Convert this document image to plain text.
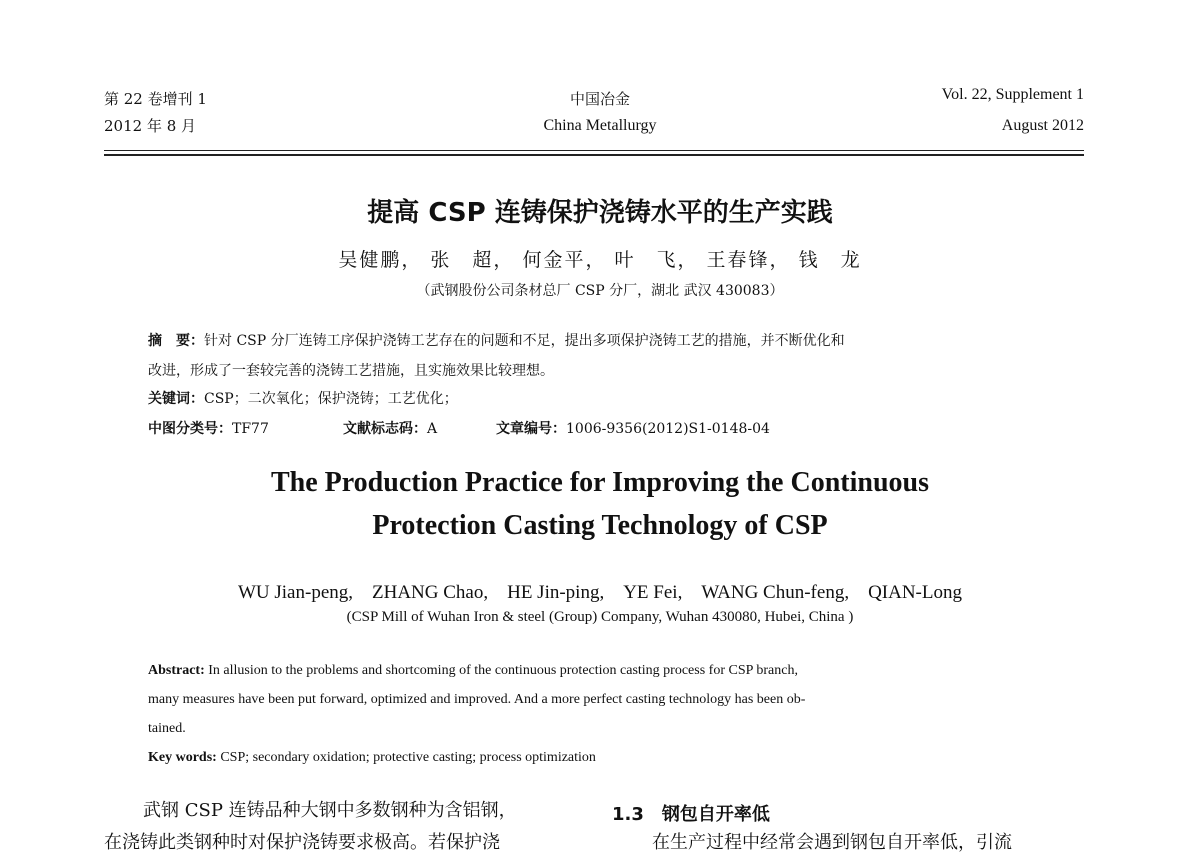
第 22 卷增刊 1
2012 年 8 月
中国冶金
China Metallurgy
Vol. 22, Supplement 1
August 2012
提高 CSP 连铸保护浇铸水平的生产实践
吴健鹏， 张　超， 何金平， 叶　飞， 王春锋， 钱　龙
（武钢股份公司条材总厂 CSP 分厂，湖北 武汉 430083）
摘　要：针对 CSP 分厂连铸工序保护浇铸工艺存在的问题和不足，提出多项保护浇铸工艺的措施，并不断优化和
改进，形成了一套较完善的浇铸工艺措施，且实施效果比较理想。
关键词：CSP；二次氧化；保护浇铸；工艺优化；
中图分类号：TF77	文献标志码：A	文章编号：1006-9356(2012)S1-0148-04
The Production Practice for Improving the Continuous
Protection Casting Technology of CSP
WU Jian-peng,　ZHANG Chao,　HE Jin-ping,　YE Fei,　WANG Chun-feng,　QIAN-Long
(CSP Mill of Wuhan Iron & steel (Group) Company, Wuhan 430080, Hubei, China )
Abstract: In allusion to the problems and shortcoming of the continuous protection casting process for CSP branch,
many measures have been put forward, optimized and improved. And a more perfect casting technology has been ob-
tained.
Key words: CSP; secondary oxidation; protective casting; process optimization
武钢 CSP 连铸品种大钢中多数钢种为含铝钢，
在浇铸此类钢种时对保护浇铸要求极高。若保护浇
1.3　钢包自开率低
在生产过程中经常会遇到钢包自开率低，引流
